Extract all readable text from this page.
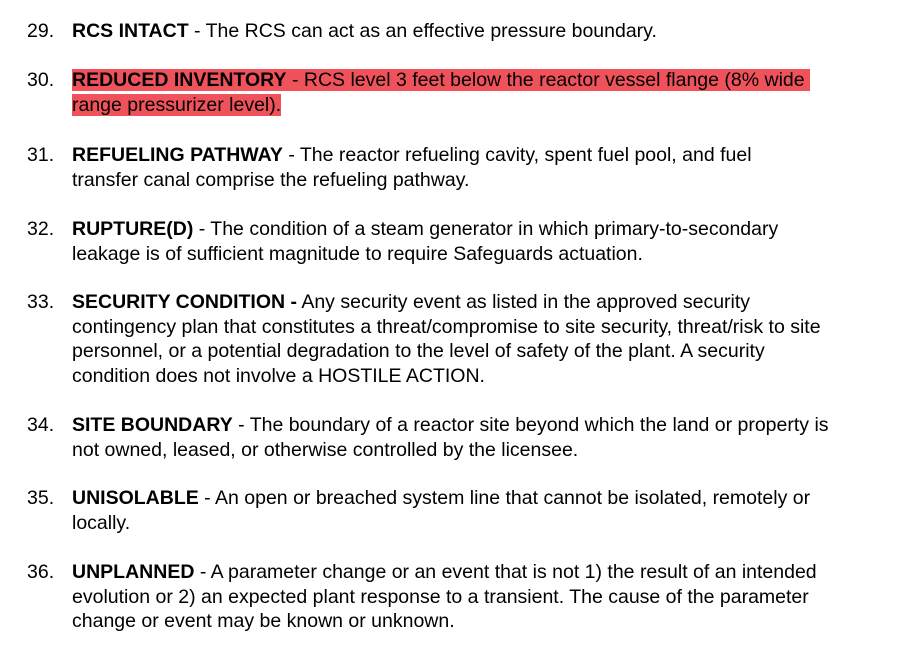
29. RCS INTACT - The RCS can act as an effective pressure boundary.
30. REDUCED INVENTORY - RCS level 3 feet below the reactor vessel flange (8% wide
range pressurizer level).
31. REFUELING PATHWAY - The reactor refueling cavity, spent fuel pool, and fuel
transfer canal comprise the refueling pathway.
32. RUPTURE(D) - The condition of a steam generator in which primary-to-secondary
leakage is of sufficient magnitude to require Safeguards actuation.
33. SECURITY CONDITION - Any security event as listed in the approved security
contingency plan that constitutes a threat/compromise to site security, threat/risk to site
personnel, or a potential degradation to the level of safety of the plant. A security
condition does not involve a HOSTILE ACTION.
34. SITE BOUNDARY - The boundary of a reactor site beyond which the land or property is
not owned, leased, or otherwise controlled by the licensee.
35. UNISOLABLE - An open or breached system line that cannot be isolated, remotely or
locally.
36. UNPLANNED - A parameter change or an event that is not 1) the result of an intended
evolution or 2) an expected plant response to a transient. The cause of the parameter
change or event may be known or unknown.
